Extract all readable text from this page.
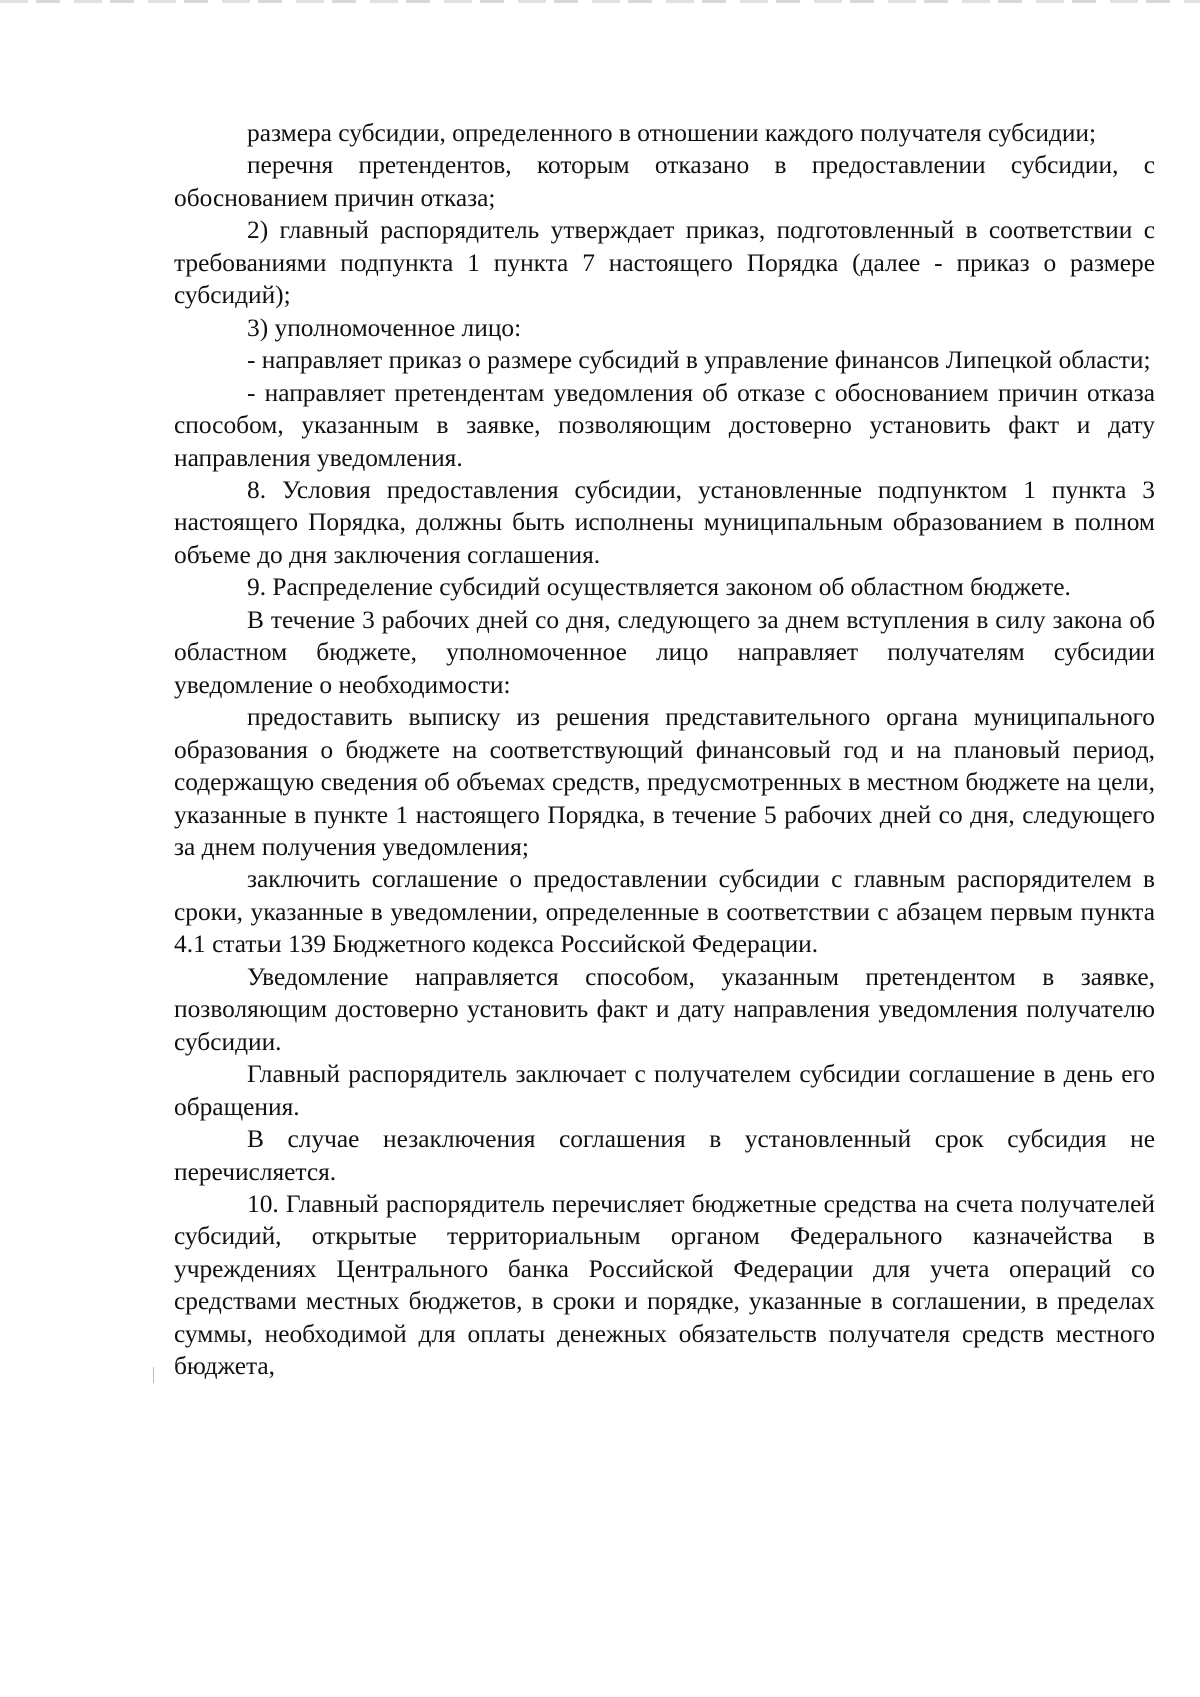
размера субсидии, определенного в отношении каждого получателя субсидии;

перечня претендентов, которым отказано в предоставлении субсидии, с обоснованием причин отказа;

2) главный распорядитель утверждает приказ, подготовленный в соответствии с требованиями подпункта 1 пункта 7 настоящего Порядка (далее - приказ о размере субсидий);

3) уполномоченное лицо:

- направляет приказ о размере субсидий в управление финансов Липецкой области;

- направляет претендентам уведомления об отказе с обоснованием причин отказа способом, указанным в заявке, позволяющим достоверно установить факт и дату направления уведомления.

8. Условия предоставления субсидии, установленные подпунктом 1 пункта 3 настоящего Порядка, должны быть исполнены муниципальным образованием в полном объеме до дня заключения соглашения.

9. Распределение субсидий осуществляется законом об областном бюджете.

В течение 3 рабочих дней со дня, следующего за днем вступления в силу закона об областном бюджете, уполномоченное лицо направляет получателям субсидии уведомление о необходимости:

предоставить выписку из решения представительного органа муниципального образования о бюджете на соответствующий финансовый год и на плановый период, содержащую сведения об объемах средств, предусмотренных в местном бюджете на цели, указанные в пункте 1 настоящего Порядка, в течение 5 рабочих дней со дня, следующего за днем получения уведомления;

заключить соглашение о предоставлении субсидии с главным распорядителем в сроки, указанные в уведомлении, определенные в соответствии с абзацем первым пункта 4.1 статьи 139 Бюджетного кодекса Российской Федерации.

Уведомление направляется способом, указанным претендентом в заявке, позволяющим достоверно установить факт и дату направления уведомления получателю субсидии.

Главный распорядитель заключает с получателем субсидии соглашение в день его обращения.

В случае незаключения соглашения в установленный срок субсидия не перечисляется.

10. Главный распорядитель перечисляет бюджетные средства на счета получателей субсидий, открытые территориальным органом Федерального казначейства в учреждениях Центрального банка Российской Федерации для учета операций со средствами местных бюджетов, в сроки и порядке, указанные в соглашении, в пределах суммы, необходимой для оплаты денежных обязательств получателя средств местного бюджета,
